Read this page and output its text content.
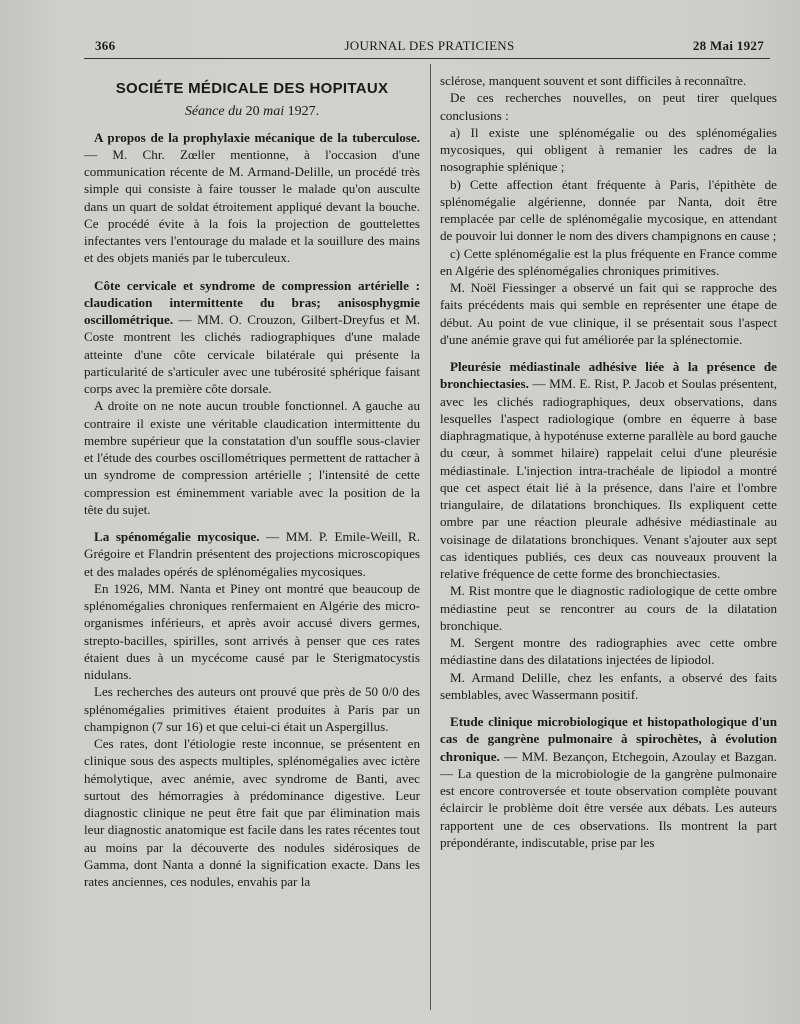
366	JOURNAL DES PRATICIENS	28 Mai 1927
SOCIÉTE MÉDICALE DES HOPITAUX
Séance du 20 mai 1927.

A propos de la prophylaxie mécanique de la tuberculose. — M. Chr. Zœller mentionne, à l'occasion d'une communication récente de M. Armand-Delille, un procédé très simple qui consiste à faire tousser le malade qu'on ausculte dans un quart de soldat étroitement appliqué devant la bouche. Ce procédé évite à la fois la projection de gouttelettes infectantes vers l'entourage du malade et la souillure des mains et des objets maniés par le tuberculeux.

Côte cervicale et syndrome de compression artérielle : claudication intermittente du bras; anisosphygmie oscillométrique. — MM. O. Crouzon, Gilbert-Dreyfus et M. Coste montrent les clichés radiographiques d'une malade atteinte d'une côte cervicale bilatérale qui présente la particularité de s'articuler avec une tubérosité sphérique faisant corps avec la première côte dorsale.

A droite on ne note aucun trouble fonctionnel. A gauche au contraire il existe une véritable claudication intermittente du membre supérieur que la constatation d'un souffle sous-clavier et l'étude des courbes oscillométriques permettent de rattacher à un syndrome de compression artérielle ; l'intensité de cette compression est éminemment variable avec la position de la tête du sujet.

La spénomégalie mycosique. — MM. P. Emile-Weill, R. Grégoire et Flandrin présentent des projections microscopiques et des malades opérés de splénomégalies mycosiques.

En 1926, MM. Nanta et Piney ont montré que beaucoup de splénomégalies chroniques renfermaient en Algérie des micro-organismes inférieurs, et après avoir accusé divers germes, strepto-bacilles, spirilles, sont arrivés à penser que ces rates étaient dues à un mycécome causé par le Sterigmatocystis nidulans.

Les recherches des auteurs ont prouvé que près de 50 0/0 des splénomégalies primitives étaient produites à Paris par un champignon (7 sur 16) et que celui-ci était un Aspergillus.

Ces rates, dont l'étiologie reste inconnue, se présentent en clinique sous des aspects multiples, splénomégalies avec ictère hémolytique, avec anémie, avec syndrome de Banti, avec surtout des hémorragies à prédominance digestive. Leur diagnostic clinique ne peut être fait que par élimination mais leur diagnostic anatomique est facile dans les rates récentes tout au moins par la découverte des nodules sidérosiques de Gamma, dont Nanta a donné la signification exacte. Dans les rates anciennes, ces nodules, envahis par la

sclérose, manquent souvent et sont difficiles à reconnaître.

De ces recherches nouvelles, on peut tirer quelques conclusions :

a) Il existe une splénomégalie ou des splénomégalies mycosiques, qui obligent à remanier les cadres de la nosographie splénique ;

b) Cette affection étant fréquente à Paris, l'épithète de splénomégalie algérienne, donnée par Nanta, doit être remplacée par celle de splénomégalie mycosique, en attendant de pouvoir lui donner le nom des divers champignons en cause ;

c) Cette splénomégalie est la plus fréquente en France comme en Algérie des splénomégalies chroniques primitives.

M. Noël Fiessinger a observé un fait qui se rapproche des faits précédents mais qui semble en représenter une étape de début. Au point de vue clinique, il se présentait sous l'aspect d'une anémie grave qui fut améliorée par la splénectomie.

Pleurésie médiastinale adhésive liée à la présence de bronchiectasies. — MM. E. Rist, P. Jacob et Soulas présentent, avec les clichés radiographiques, deux observations, dans lesquelles l'aspect radiologique (ombre en équerre à base diaphragmatique, à hypoténuse externe parallèle au bord gauche du cœur, à sommet hilaire) rappelait celui d'une pleurésie médiastinale. L'injection intra-trachéale de lipiodol a montré que cet aspect était lié à la présence, dans l'aire et l'ombre triangulaire, de dilatations bronchiques. Ils expliquent cette ombre par une réaction pleurale adhésive médiastinale au voisinage de dilatations bronchiques. Venant s'ajouter aux sept cas identiques publiés, ces deux cas nouveaux prouvent la relative fréquence de cette forme des bronchiectasies.

M. Rist montre que le diagnostic radiologique de cette ombre médiastine peut se rencontrer au cours de la dilatation bronchique.

M. Sergent montre des radiographies avec cette ombre médiastine dans des dilatations injectées de lipiodol.

M. Armand Delille, chez les enfants, a observé des faits semblables, avec Wassermann positif.

Etude clinique microbiologique et histopathologique d'un cas de gangrène pulmonaire à spirochètes, à évolution chronique. — MM. Bezançon, Etchegoin, Azoulay et Bazgan. — La question de la microbiologie de la gangrène pulmonaire est encore controversée et toute observation complète pouvant éclaircir le problème doit être versée aux débats. Les auteurs rapportent une de ces observations. Ils montrent la part prépondérante, indiscutable, prise par les
